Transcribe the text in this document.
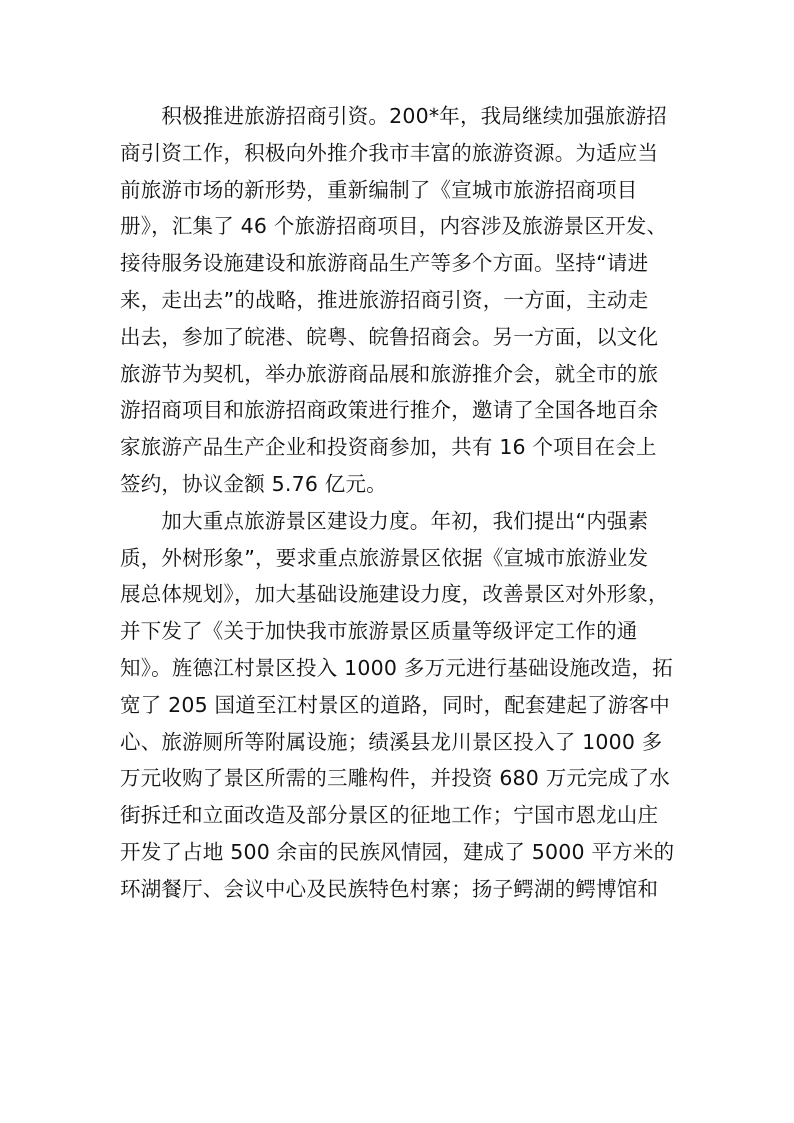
　　积极推进旅游招商引资。200*年，我局继续加强旅游招
商引资工作，积极向外推介我市丰富的旅游资源。为适应当
前旅游市场的新形势，重新编制了《宣城市旅游招商项目
册》，汇集了 46 个旅游招商项目，内容涉及旅游景区开发、
接待服务设施建设和旅游商品生产等多个方面。坚持“请进
来，走出去”的战略，推进旅游招商引资，一方面，主动走
出去，参加了皖港、皖粤、皖鲁招商会。另一方面，以文化
旅游节为契机，举办旅游商品展和旅游推介会，就全市的旅
游招商项目和旅游招商政策进行推介，邀请了全国各地百余
家旅游产品生产企业和投资商参加，共有 16 个项目在会上
签约，协议金额 5.76 亿元。
　　加大重点旅游景区建设力度。年初，我们提出“内强素
质，外树形象”，要求重点旅游景区依据《宣城市旅游业发
展总体规划》，加大基础设施建设力度，改善景区对外形象，
并下发了《关于加快我市旅游景区质量等级评定工作的通
知》。旌德江村景区投入 1000 多万元进行基础设施改造，拓
宽了 205 国道至江村景区的道路，同时，配套建起了游客中
心、旅游厕所等附属设施；绩溪县龙川景区投入了 1000 多
万元收购了景区所需的三雕构件，并投资 680 万元完成了水
街拆迁和立面改造及部分景区的征地工作；宁国市恩龙山庄
开发了占地 500 余亩的民族风情园，建成了 5000 平方米的
环湖餐厅、会议中心及民族特色村寨；扬子鳄湖的鳄博馆和
